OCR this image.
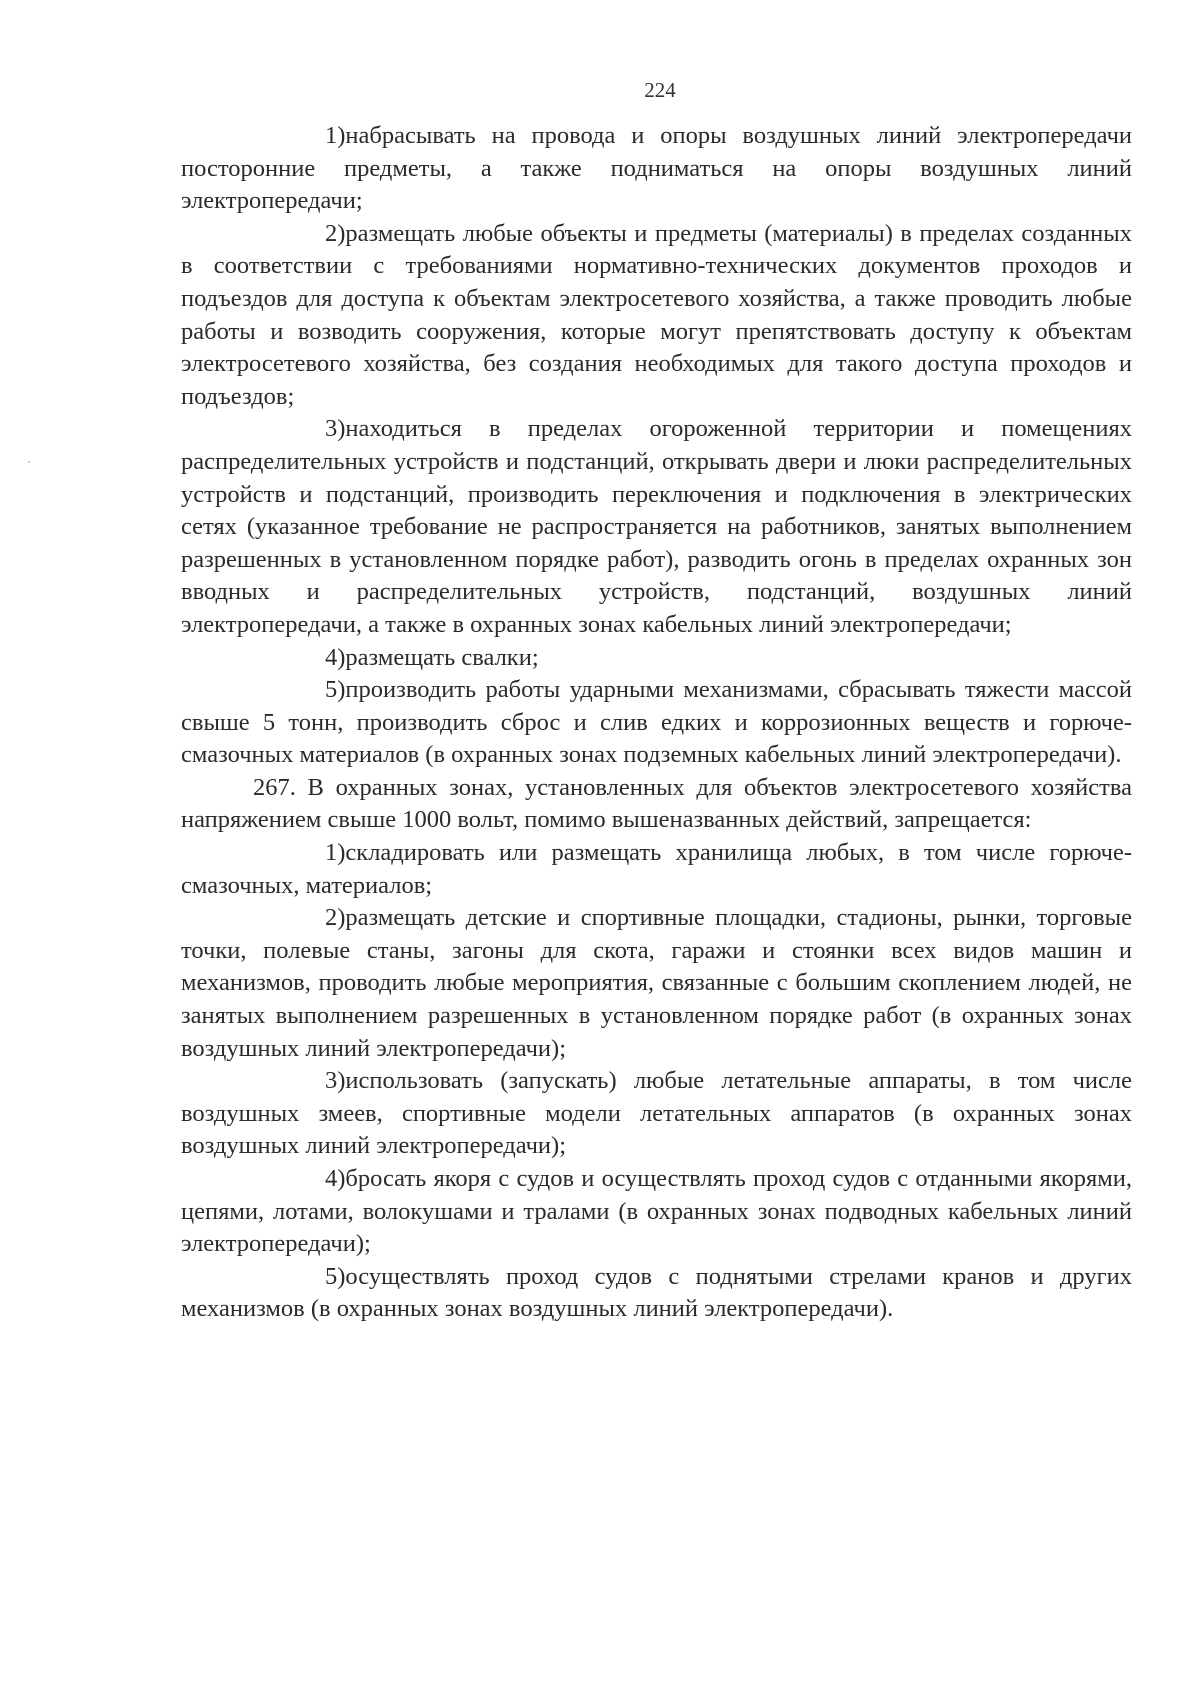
224

1)набрасывать на провода и опоры воздушных линий электропередачи посторонние предметы, а также подниматься на опоры воздушных линий электропередачи;

2)размещать любые объекты и предметы (материалы) в пределах созданных в соответствии с требованиями нормативно-технических документов проходов и подъездов для доступа к объектам электросетевого хозяйства, а также проводить любые работы и возводить сооружения, которые могут препятствовать доступу к объектам электросетевого хозяйства, без создания необходимых для такого доступа проходов и подъездов;

3)находиться в пределах огороженной территории и помещениях распределительных устройств и подстанций, открывать двери и люки распределительных устройств и подстанций, производить переключения и подключения в электрических сетях (указанное требование не распространяется на работников, занятых выполнением разрешенных в установленном порядке работ), разводить огонь в пределах охранных зон вводных и распределительных устройств, подстанций, воздушных линий электропередачи, а также в охранных зонах кабельных линий электропередачи;

4)размещать свалки;

5)производить работы ударными механизмами, сбрасывать тяжести массой свыше 5 тонн, производить сброс и слив едких и коррозионных веществ и горюче-смазочных материалов (в охранных зонах подземных кабельных линий электропередачи).

267. В охранных зонах, установленных для объектов электросетевого хозяйства напряжением свыше 1000 вольт, помимо вышеназванных действий, запрещается:

1)складировать или размещать хранилища любых, в том числе горюче-смазочных, материалов;

2)размещать детские и спортивные площадки, стадионы, рынки, торговые точки, полевые станы, загоны для скота, гаражи и стоянки всех видов машин и механизмов, проводить любые мероприятия, связанные с большим скоплением людей, не занятых выполнением разрешенных в установленном порядке работ (в охранных зонах воздушных линий электропередачи);

3)использовать (запускать) любые летательные аппараты, в том числе воздушных змеев, спортивные модели летательных аппаратов (в охранных зонах воздушных линий электропередачи);

4)бросать якоря с судов и осуществлять проход судов с отданными якорями, цепями, лотами, волокушами и тралами (в охранных зонах подводных кабельных линий электропередачи);

5)осуществлять проход судов с поднятыми стрелами кранов и других механизмов (в охранных зонах воздушных линий электропередачи).
